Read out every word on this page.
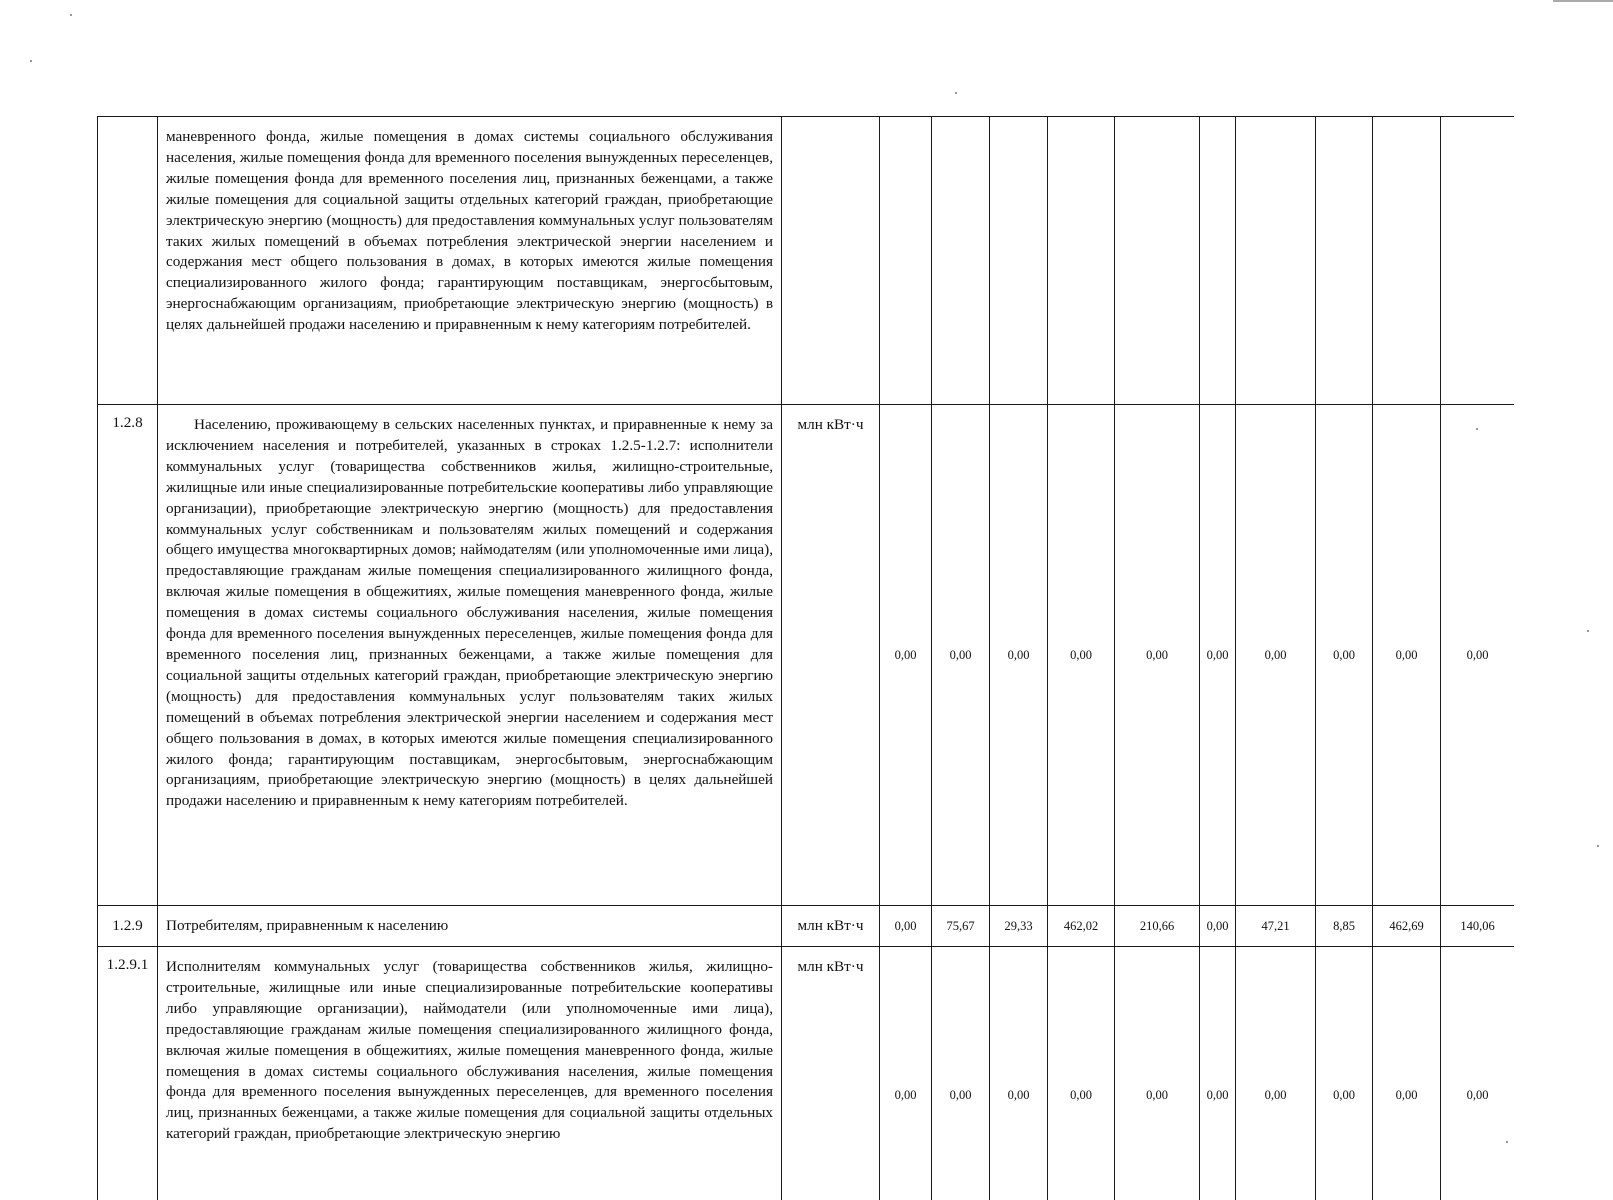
	маневренного фонда, жилые помещения в домах системы социального обслуживания населения, жилые помещения фонда для временного поселения вынужденных переселенцев, жилые помещения фонда для временного поселения лиц, признанных беженцами, а также жилые помещения для социальной защиты отдельных категорий граждан, приобретающие электрическую энергию (мощность) для предоставления коммунальных услуг пользователям таких жилых помещений в объемах потребления электрической энергии населением и содержания мест общего пользования в домах, в которых имеются жилые помещения специализированного жилого фонда; гарантирующим поставщикам, энергосбытовым, энергоснабжающим организациям, приобретающие электрическую энергию (мощность) в целях дальнейшей продажи населению и приравненным к нему категориям потребителей.											
1.2.8	Населению, проживающему в сельских населенных пунктах, и приравненные к нему за исключением населения и потребителей, указанных в строках 1.2.5-1.2.7: исполнители коммунальных услуг (товарищества собственников жилья, жилищно-строительные, жилищные или иные специализированные потребительские кооперативы либо управляющие организации), приобретающие электрическую энергию (мощность) для предоставления коммунальных услуг собственникам и пользователям жилых помещений и содержания общего имущества многоквартирных домов; наймодателям (или уполномоченные ими лица), предоставляющие гражданам жилые помещения специализированного жилищного фонда, включая жилые помещения в общежитиях, жилые помещения маневренного фонда, жилые помещения в домах системы социального обслуживания населения, жилые помещения фонда для временного поселения вынужденных переселенцев, жилые помещения фонда для временного поселения лиц, признанных беженцами, а также жилые помещения для социальной защиты отдельных категорий граждан, приобретающие электрическую энергию (мощность) для предоставления коммунальных услуг пользователям таких жилых помещений в объемах потребления электрической энергии населением и содержания мест общего пользования в домах, в которых имеются жилые помещения специализированного жилого фонда; гарантирующим поставщикам, энергосбытовым, энергоснабжающим организациям, приобретающие электрическую энергию (мощность) в целях дальнейшей продажи населению и приравненным к нему категориям потребителей.	млн кВт·ч	0,00	0,00	0,00	0,00	0,00	0,00	0,00	0,00	0,00	0,00
1.2.9	Потребителям, приравненным к населению	млн кВт·ч	0,00	75,67	29,33	462,02	210,66	0,00	47,21	8,85	462,69	140,06
1.2.9.1	Исполнителям коммунальных услуг (товарищества собственников жилья, жилищно-строительные, жилищные или иные специализированные потребительские кооперативы либо управляющие организации), наймодатели (или уполномоченные ими лица), предоставляющие гражданам жилые помещения специализированного жилищного фонда, включая жилые помещения в общежитиях, жилые помещения маневренного фонда, жилые помещения в домах системы социального обслуживания населения, жилые помещения фонда для временного поселения вынужденных переселенцев, для временного поселения лиц, признанных беженцами, а также жилые помещения для социальной защиты отдельных категорий граждан, приобретающие электрическую энергию	млн кВт·ч	0,00	0,00	0,00	0,00	0,00	0,00	0,00	0,00	0,00	0,00
